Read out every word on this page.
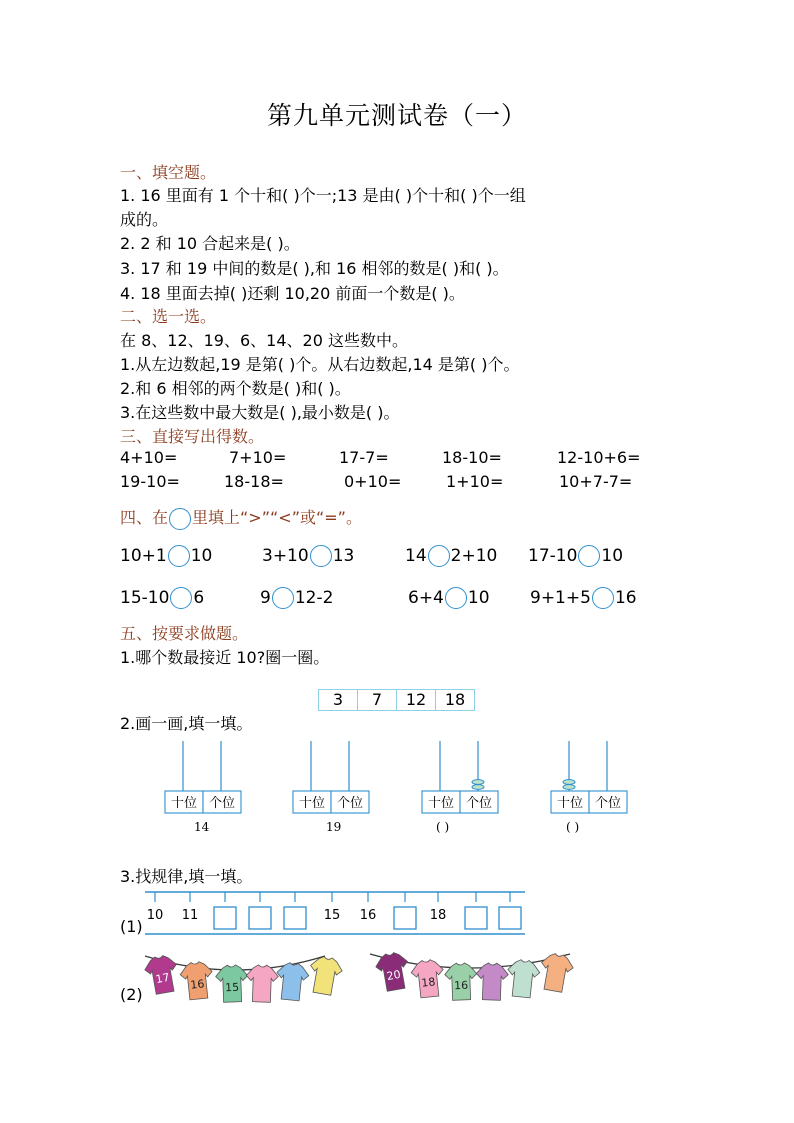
第九单元测试卷（一）
一、填空题。
1. 16 里面有 1 个十和( )个一;13 是由( )个十和( )个一组
成的。
2. 2 和 10 合起来是( )。
3. 17 和 19 中间的数是( ),和 16 相邻的数是( )和( )。
4. 18 里面去掉( )还剩 10,20 前面一个数是( )。
二、选一选。
在 8、12、19、6、14、20 这些数中。
1.从左边数起,19 是第( )个。从右边数起,14 是第( )个。
2.和 6 相邻的两个数是( )和( )。
3.在这些数中最大数是( ),最小数是( )。
三、直接写出得数。
4+10=	7+10=	17-7=	18-10=	12-10+6=
19-10=	18-18=	0+10=	1+10=	10+7-7=
四、在 里填上“>”“<”或“=”。
10+1 10	3+10 13	14 2+10 17-10 10
15-10 6	9 12-2	6+4 10 9+1+5 16
五、按要求做题。
1.哪个数最接近 10?圈一圈。
3	7	12	18
2.画一画,填一填。
十位 个位	十位 个位	十位 个位	十位 个位
14	19	( )	( )
3.找规律,填一填。
(1)
10 11	15 16	18
(2)
17 16 15
20 18 16
